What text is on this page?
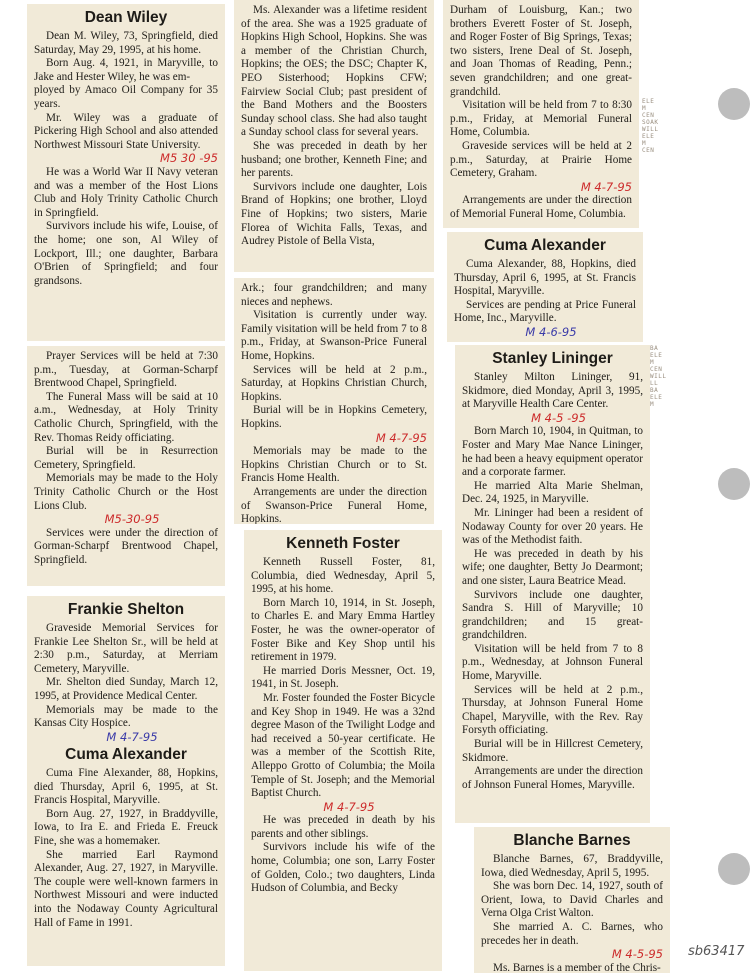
Dean Wiley

Dean M. Wiley, 73, Springfield, died Saturday, May 29, 1995, at his home.

Born Aug. 4, 1921, in Maryville, to Jake and Hester Wiley, he was em-

ployed by Amaco Oil Company for 35 years.

Mr. Wiley was a graduate of Pickering High School and also attended Northwest Missouri State University.

M5 30 -95

He was a World War II Navy veteran and was a member of the Host Lions Club and Holy Trinity Catholic Church in Springfield.

Survivors include his wife, Louise, of the home; one son, Al Wiley of Lockport, Ill.; one daughter, Barbara O'Brien of Springfield; and four grandsons.

Prayer Services will be held at 7:30 p.m., Tuesday, at Gorman-Scharpf Brentwood Chapel, Springfield.

The Funeral Mass will be said at 10 a.m., Wednesday, at Holy Trinity Catholic Church, Springfield, with the Rev. Thomas Reidy officiating.

Burial will be in Resurrection Cemetery, Springfield.

Memorials may be made to the Holy Trinity Catholic Church or the Host Lions Club.

M5-30-95

Services were under the direction of Gorman-Scharpf Brentwood Chapel, Springfield.

Frankie Shelton

Graveside Memorial Services for Frankie Lee Shelton Sr., will be held at 2:30 p.m., Saturday, at Merriam Cemetery, Maryville.

Mr. Shelton died Sunday, March 12, 1995, at Providence Medical Center.

Memorials may be made to the Kansas City Hospice.

M 4-7-95

Cuma Alexander

Cuma Fine Alexander, 88, Hopkins, died Thursday, April 6, 1995, at St. Francis Hospital, Maryville.

Born Aug. 27, 1927, in Braddyville, Iowa, to Ira E. and Frieda E. Freuck Fine, she was a homemaker.

She married Earl Raymond Alexander, Aug. 27, 1927, in Maryville. The couple were well-known farmers in Northwest Missouri and were inducted into the Nodaway County Agricultural Hall of Fame in 1991.

Ms. Alexander was a lifetime resident of the area. She was a 1925 graduate of Hopkins High School, Hopkins. She was a member of the Christian Church, Hopkins; the OES; the DSC; Chapter K, PEO Sisterhood; Hopkins CFW; Fairview Social Club; past president of the Band Mothers and the Boosters Sunday school class. She had also taught a Sunday school class for several years.

She was preceded in death by her husband; one brother, Kenneth Fine; and her parents.

Survivors include one daughter, Lois Brand of Hopkins; one brother, Lloyd Fine of Hopkins; two sisters, Marie Florea of Wichita Falls, Texas, and Audrey Pistole of Bella Vista,

Ark.; four grandchildren; and many nieces and nephews.

Visitation is currently under way. Family visitation will be held from 7 to 8 p.m., Friday, at Swanson-Price Funeral Home, Hopkins.

Services will be held at 2 p.m., Saturday, at Hopkins Christian Church, Hopkins.

Burial will be in Hopkins Cemetery, Hopkins.

M 4-7-95

Memorials may be made to the Hopkins Christian Church or to St. Francis Home Health.

Arrangements are under the direction of Swanson-Price Funeral Home, Hopkins.

Kenneth Foster

Kenneth Russell Foster, 81, Columbia, died Wednesday, April 5, 1995, at his home.

Born March 10, 1914, in St. Joseph, to Charles E. and Mary Emma Hartley Foster, he was the owner-operator of Foster Bike and Key Shop until his retirement in 1979.

He married Doris Messner, Oct. 19, 1941, in St. Joseph.

Mr. Foster founded the Foster Bicycle and Key Shop in 1949. He was a 32nd degree Mason of the Twilight Lodge and had received a 50-year certificate. He was a member of the Scottish Rite, Alleppo Grotto of Columbia; the Moila Temple of St. Joseph; and the Memorial Baptist Church.

M 4-7-95

He was preceded in death by his parents and other siblings.

Survivors include his wife of the home, Columbia; one son, Larry Foster of Golden, Colo.; two daughters, Linda Hudson of Columbia, and Becky

Durham of Louisburg, Kan.; two brothers Everett Foster of St. Joseph, and Roger Foster of Big Springs, Texas; two sisters, Irene Deal of St. Joseph, and Joan Thomas of Reading, Penn.; seven grandchildren; and one great-grandchild.

Visitation will be held from 7 to 8:30 p.m., Friday, at Memorial Funeral Home, Columbia.

Graveside services will be held at 2 p.m., Saturday, at Prairie Home Cemetery, Graham.

M 4-7-95

Arrangements are under the direction of Memorial Funeral Home, Columbia.

Cuma Alexander

Cuma Alexander, 88, Hopkins, died Thursday, April 6, 1995, at St. Francis Hospital, Maryville.

Services are pending at Price Funeral Home, Inc., Maryville.

M 4-6-95

Stanley Lininger

Stanley Milton Lininger, 91, Skidmore, died Monday, April 3, 1995, at Maryville Health Care Center.

M 4-5 -95

Born March 10, 1904, in Quitman, to Foster and Mary Mae Nance Lininger, he had been a heavy equipment operator and a corporate farmer.

He married Alta Marie Shelman, Dec. 24, 1925, in Maryville.

Mr. Lininger had been a resident of Nodaway County for over 20 years. He was of the Methodist faith.

He was preceded in death by his wife; one daughter, Betty Jo Dearmont; and one sister, Laura Beatrice Mead.

Survivors include one daughter, Sandra S. Hill of Maryville; 10 grandchildren; and 15 great-grandchildren.

Visitation will be held from 7 to 8 p.m., Wednesday, at Johnson Funeral Home, Maryville.

Services will be held at 2 p.m., Thursday, at Johnson Funeral Home Chapel, Maryville, with the Rev. Ray Forsyth officiating.

Burial will be in Hillcrest Cemetery, Skidmore.

Arrangements are under the direction of Johnson Funeral Homes, Maryville.

Blanche Barnes

Blanche Barnes, 67, Braddyville, Iowa, died Wednesday, April 5, 1995.

She was born Dec. 14, 1927, south of Orient, Iowa, to David Charles and Verna Olga Crist Walton.

She married A. C. Barnes, who precedes her in death.

M 4-5-95

Ms. Barnes is a member of the Chris-

ELE
M
CEN
SOAK
WILL
ELE
M
CEN
BA
ELE
M
CEN
WILL
LL
BA
ELE
M
sb63417
